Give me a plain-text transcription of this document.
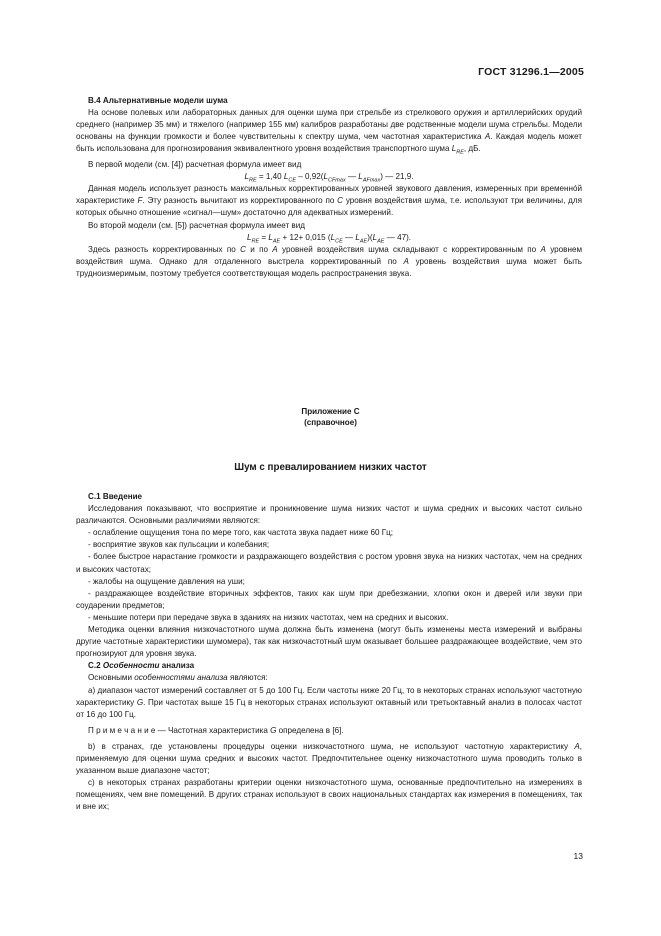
ГОСТ 31296.1—2005

B.4 Альтернативные модели шума

На основе полевых или лабораторных данных для оценки шума при стрельбе из стрелкового оружия и артиллерийских орудий среднего (например 35 мм) и тяжелого (например 155 мм) калибров разработаны две родственные модели шума стрельбы. Модели основаны на функции громкости и более чувствительны к спектру шума, чем частотная характеристика A. Каждая модель может быть использована для прогнозирования эквивалентного уровня воздействия транспортного шума $L_{RE}$, дБ.

В первой модели (см. [4]) расчетная формула имеет вид

$L_{RE} = 1,40$ $L_{CE} - 0,92(L_{CFmax}$ — $L_{AFmax}$) — 21,9.

Данная модель использует разность максимальных корректированных уровней звукового давления, измеренных при временнóй характеристике F. Эту разность вычитают из корректированного по C уровня воздействия шума, т.е. используют три величины, для которых обычно отношение «сигнал—шум» достаточно для адекватных измерений.

Во второй модели (см. [5]) расчетная формула имеет вид

$L_{RE} = L_{AE} + 12+ 0,015$ ($L_{CE}$ — $L_{AE})(L_{AE}$ — 47).

Здесь разность корректированных по C и по A уровней воздействия шума складывают с корректированным по A уровнем воздействия шума. Однако для отдаленного выстрела корректированный по A уровень воздействия шума может быть трудноизмеримым, поэтому требуется соответствующая модель распространения звука.

Приложение C
(справочное)
Шум с превалированием низких частот

C.1 Введение

Исследования показывают, что восприятие и проникновение шума низких частот и шума средних и высоких частот сильно различаются. Основными различиями являются:

- ослабление ощущения тона по мере того, как частота звука падает ниже 60 Гц;

- восприятие звуков как пульсации и колебания;

- более быстрое нарастание громкости и раздражающего воздействия с ростом уровня звука на низких частотах, чем на средних и высоких частотах;

- жалобы на ощущение давления на уши;

- раздражающее воздействие вторичных эффектов, таких как шум при дребезжании, хлопки окон и дверей или звуки при соударении предметов;

- меньшие потери при передаче звука в зданиях на низких частотах, чем на средних и высоких.

Методика оценки влияния низкочастотного шума должна быть изменена (могут быть изменены места измерений и выбраны другие частотные характеристики шумомера), так как низкочастотный шум оказывает большее раздражающее воздействие, чем это прогнозируют для уровня звука.

C.2 Особенности анализа

Основными особенностями анализа являются:

а) диапазон частот измерений составляет от 5 до 100 Гц. Если частоты ниже 20 Гц, то в некоторых странах используют частотную характеристику G. При частотах выше 15 Гц в некоторых странах используют октавный или третьоктавный анализ в полосах частот от 16 до 100 Гц.

П р и м е ч а н и е — Частотная характеристика G определена в [6].

b) в странах, где установлены процедуры оценки низкочастотного шума, не используют частотную характеристику A, применяемую для оценки шума средних и высоких частот. Предпочтительнее оценку низкочастотного шума проводить только в указанном выше диапазоне частот;

c) в некоторых странах разработаны критерии оценки низкочастотного шума, основанные предпочтительно на измерениях в помещениях, чем вне помещений. В других странах используют в своих национальных стандартах как измерения в помещениях, так и вне их;

13
